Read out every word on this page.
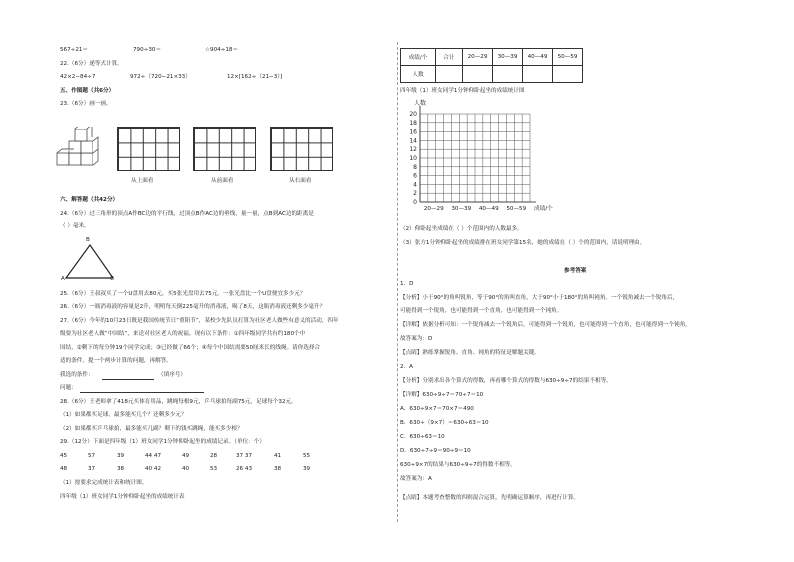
567÷21＝	790÷30＝	☆904÷18＝
22.（6分）递等式计算。
42×2−84÷7	972÷（720−21×33）	12×[162÷（21−3）]
五、作图题（共6分）
23.（6分）画一画。
从上面看	从前面看	从右面看
六、解答题（共42分）
24.（6分）过三角形的顶点A作BC边的平行线，过顶点B作AC边的垂线，量一量，点B到AC边的距离是
（ ）毫米。
B
A	C
25.（6分）王叔叔买了一个U盘用去80元，买5张光盘用去75元。一张光盘比一个U盘便宜多少元？
26.（6分）一瓶消毒液的容量是2升，明明每天倒225毫升的消毒液，喝了8天，这瓶消毒液还剩多少毫升？
27.（6分）今年的10月23日既是我国传统节日“重阳节”，某校少先队员打算为社区老人做些有意义的活动，四年
级要为社区老人做“中国结”，来送对社区老人的祝福。现有以下条件：①四年级同学共有约180个中
国结，②剩下的每分钟19个同学完成；③已经做了66个；④每个中国结需要50厘米长的线绳。请你选择合
适的条件，提一个两步计算的问题，再解答。
我选的条件：	（填序号）
问题：
28.（6分）王老师拿了418元买体育用品，跳绳每根9元，乒乓球拍每副75元，足球每个32元。
（1）如果都买足球，最多能买几个？还剩多少元？
（2）如果都买乒乓球拍，最多能买几副？剩下的钱买跳绳，能买多少根？
29.（12分）下面是四年级（1）班女同学1分钟仰卧起坐的成绩记录。（单位：个）
45	57	39	44 47	49	28	37 37	41	55
48	37	38	40 42	40	53	26 43	38	39
（1）按要求完成统计表和统计图。
四年级（1）班女同学1分钟仰卧起坐的成绩统计表
成绩/个	合计	20—29	30—39	40—49	50—59
人数					
四年级（1）班女同学1分钟仰卧起坐的成绩统计图
0
2
4
6
8
10
12
14
16
18
20
人数
20—29 30—39 40—49 50—59 成绩/个
（2）仰卧起坐成绩在（ ）个范围内的人数最多。
（3）张方1分钟仰卧起坐的成绩排在班女同学第15名，她的成绩在（ ）个的范围内，请说明理由。
参考答案
1．D
【分析】小于90°的角叫锐角，等于90°的角叫直角，大于90°小于180°的角叫钝角。一个锐角减去一个锐角后，
可能得到一个锐角，也可能得到一个直角，也可能得到一个钝角。
【详解】依据分析可知：一个锐角减去一个锐角后，可能得到一个锐角，也可能得到一个直角，也可能得到一个钝角。
故答案为：D
【点睛】熟练掌握锐角、直角、钝角的特征是解题关键。
2．A
【分析】分别求出各个算式的得数，再看哪个算式的得数与630÷9÷7的结果不相等。
【详解】630÷9÷7＝70÷7＝10
A．630÷9×7＝70×7＝490
B．630÷（9×7）＝630÷63＝10
C．630÷63＝10
D．630÷7÷9＝90÷9＝10
630÷9×7的结果与630÷9÷7的得数不相等。
故答案为：A
【点睛】本题考查整数的四则混合运算，先明确运算顺序，再进行计算。
